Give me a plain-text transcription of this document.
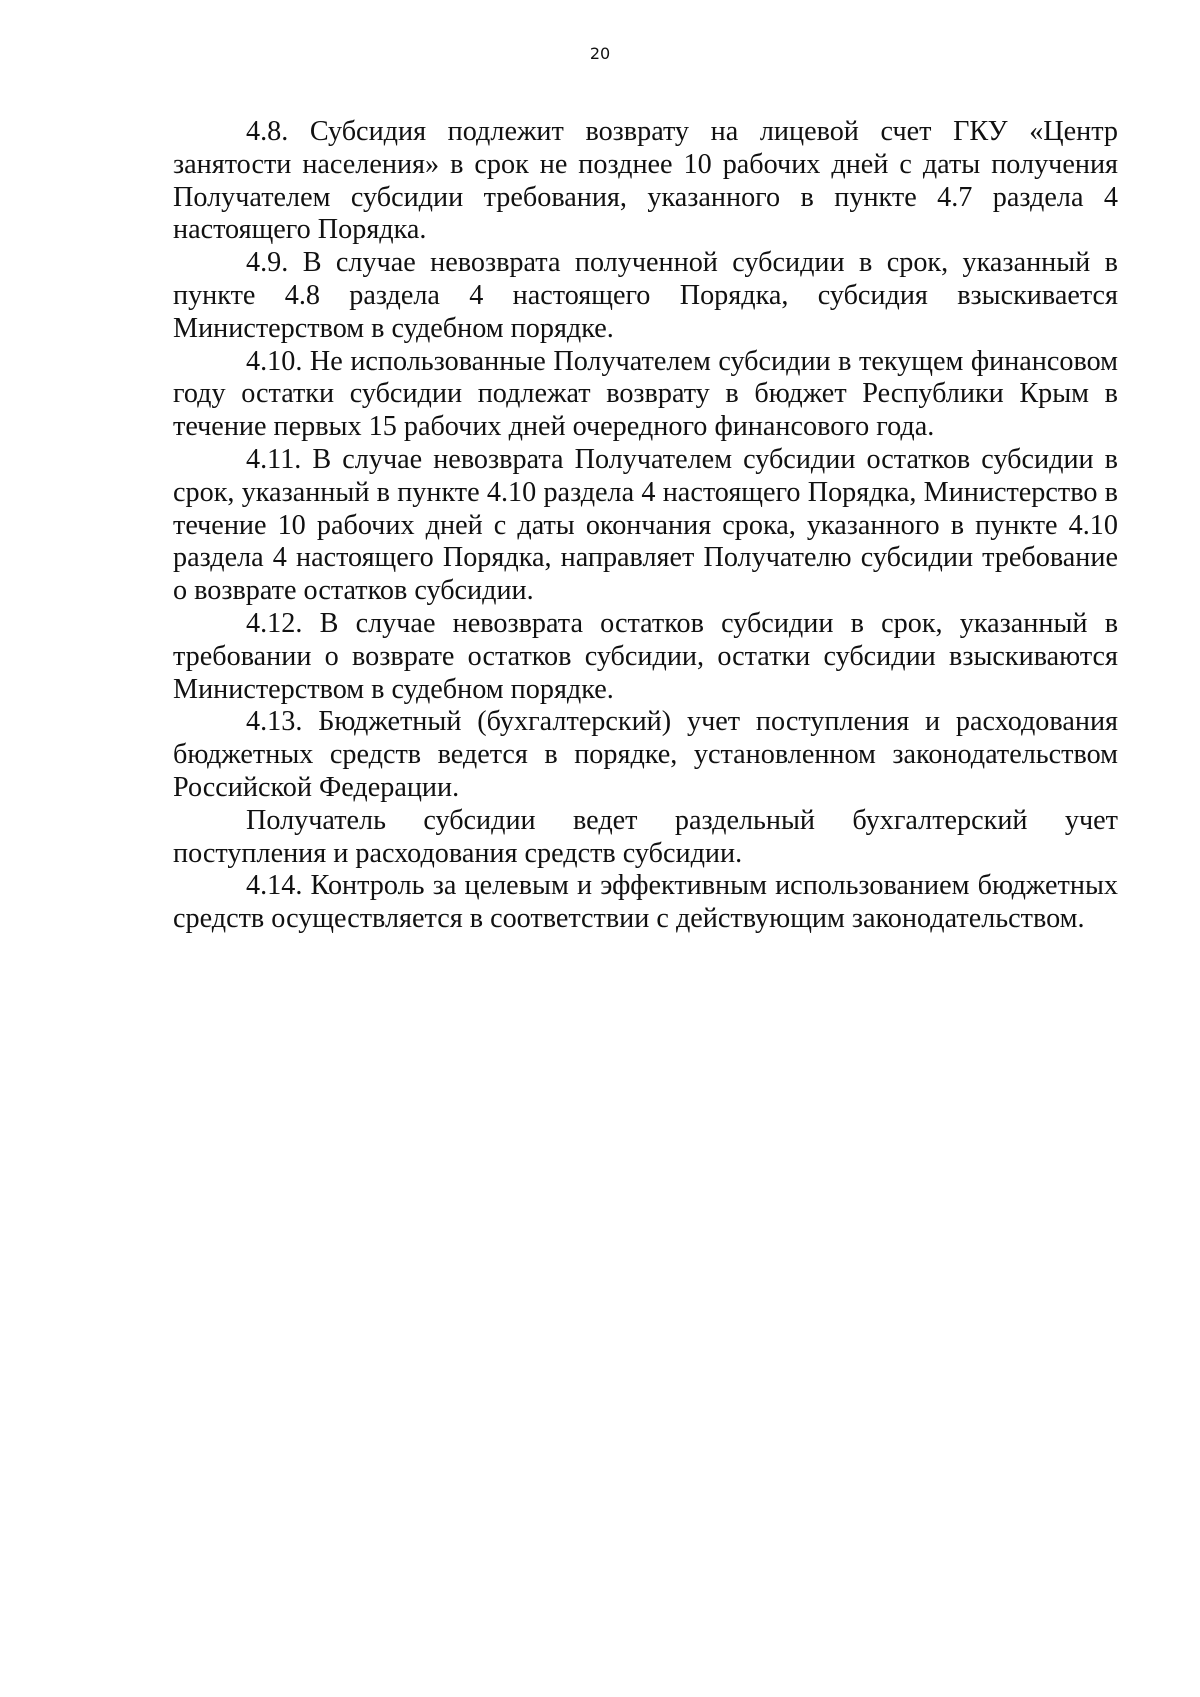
20

4.8. Субсидия подлежит возврату на лицевой счет ГКУ «Центр занятости населения» в срок не позднее 10 рабочих дней с даты получения Получателем субсидии требования, указанного в пункте 4.7 раздела 4 настоящего Порядка.

4.9. В случае невозврата полученной субсидии в срок, указанный в пункте 4.8 раздела 4 настоящего Порядка, субсидия взыскивается Министерством в судебном порядке.

4.10. Не использованные Получателем субсидии в текущем финансовом году остатки субсидии подлежат возврату в бюджет Республики Крым в течение первых 15 рабочих дней очередного финансового года.

4.11. В случае невозврата Получателем субсидии остатков субсидии в срок, указанный в пункте 4.10 раздела 4 настоящего Порядка, Министерство в течение 10 рабочих дней с даты окончания срока, указанного в пункте 4.10 раздела 4 настоящего Порядка, направляет Получателю субсидии требование о возврате остатков субсидии.

4.12. В случае невозврата остатков субсидии в срок, указанный в требовании о возврате остатков субсидии, остатки субсидии взыскиваются Министерством в судебном порядке.

4.13. Бюджетный (бухгалтерский) учет поступления и расходования бюджетных средств ведется в порядке, установленном законодательством Российской Федерации.

Получатель субсидии ведет раздельный бухгалтерский учет поступления и расходования средств субсидии.

4.14. Контроль за целевым и эффективным использованием бюджетных средств осуществляется в соответствии с действующим законодательством.
